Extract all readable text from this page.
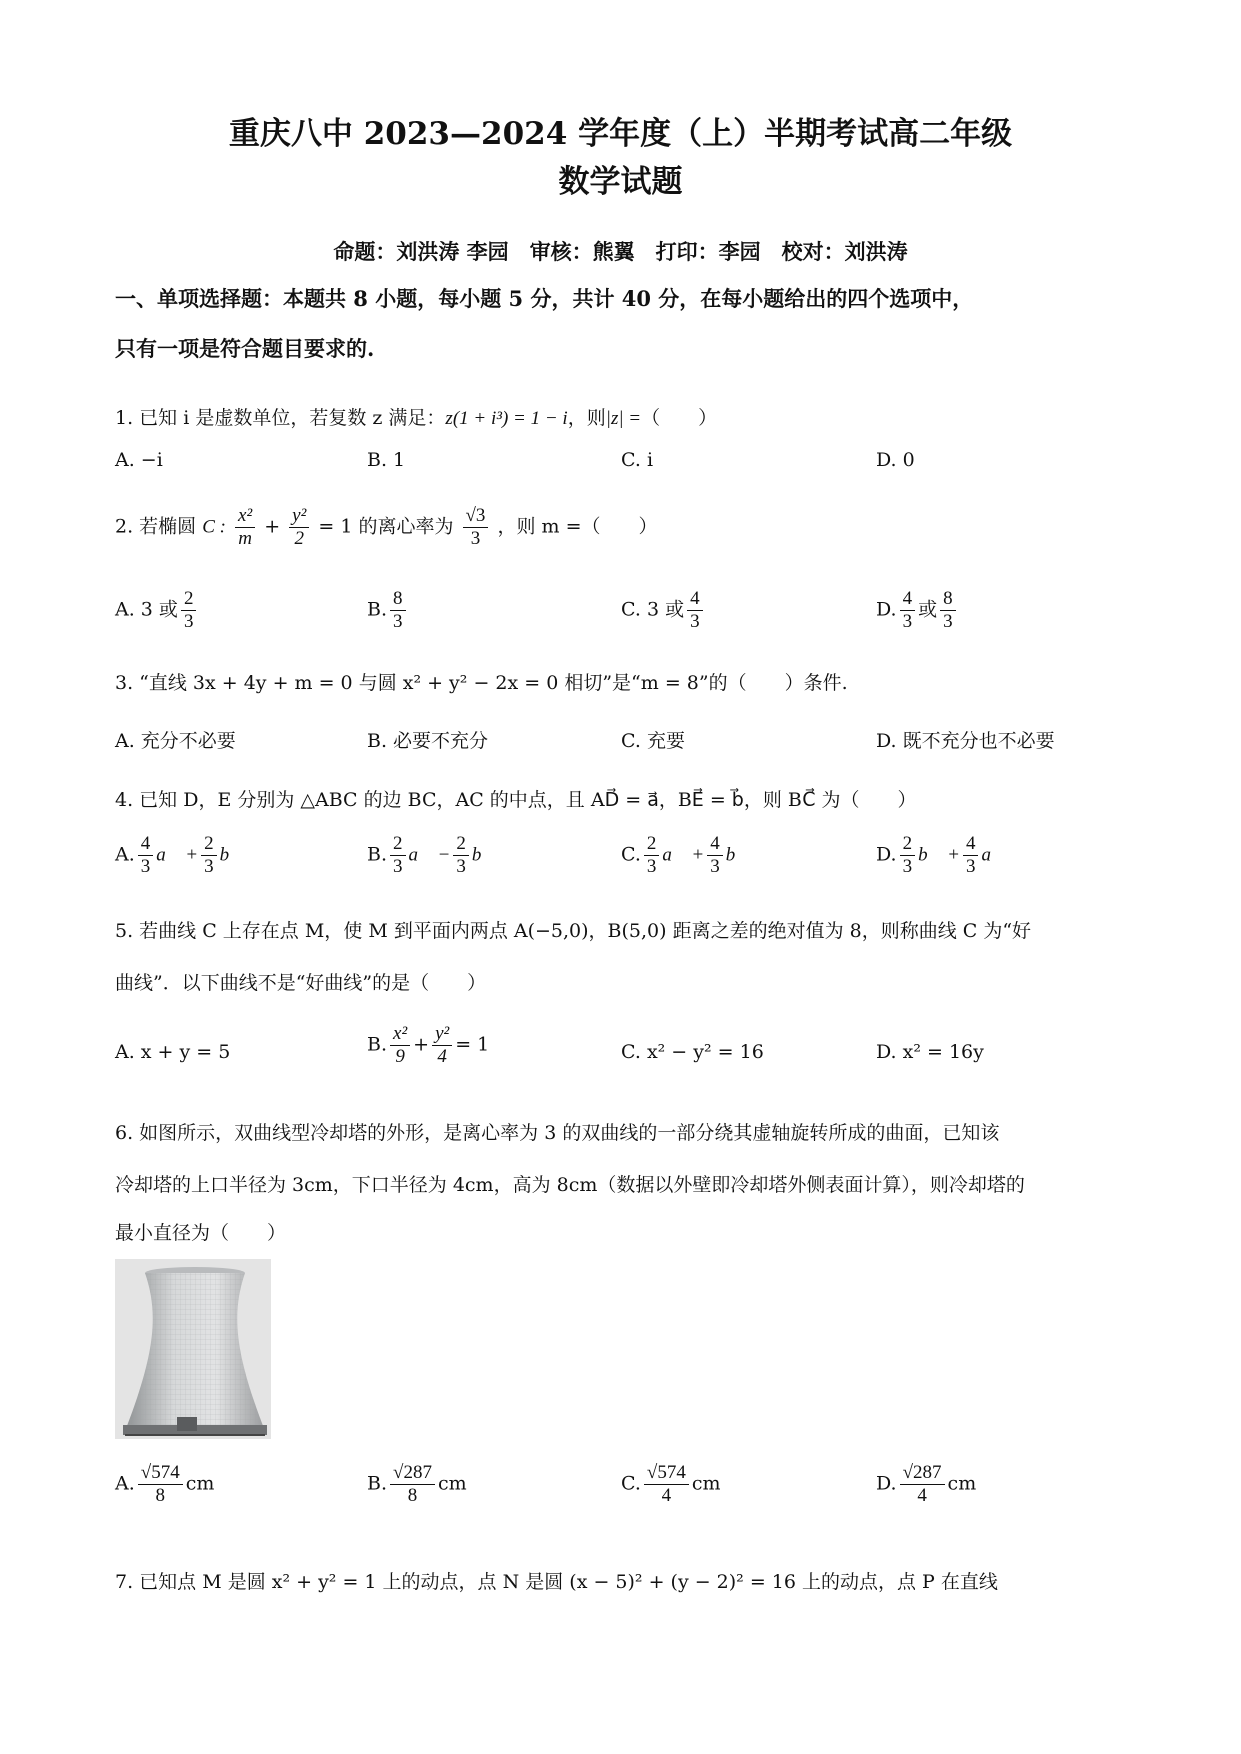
重庆八中 2023—2024 学年度（上）半期考试高二年级
数学试题
命题：刘洪涛 李园　审核：熊翼　打印：李园　校对：刘洪涛
一、单项选择题：本题共 8 小题，每小题 5 分，共计 40 分，在每小题给出的四个选项中，
只有一项是符合题目要求的.
1. 已知 i 是虚数单位，若复数 z 满足：z(1 + i³) = 1 − i，则|z| =（　　）
A. −i	B. 1	C. i	D. 0
2. 若椭圆 C : $\frac{\text{x²}}{m} + \frac{\text{y²}}{2} = 1$ 的离心率为 $\frac{√3}{3}$ ，则 m =（　　）
A. 3 或 $\frac{2}{3}$	B. $\frac{8}{3}$	C. 3 或 $\frac{4}{3}$	D. $\frac{4}{3}$ 或 $\frac{8}{3}$
3. “直线 3x + 4y + m = 0 与圆 x² + y² − 2x = 0 相切”是“m = 8”的（　　）条件.
A. 充分不必要	B. 必要不充分	C. 充要	D. 既不充分也不必要
4. 已知 D，E 分别为 △ABC 的边 BC，AC 的中点，且 AD⃗ = a⃗，BE⃗ = b⃗，则 BC⃗ 为（　　）
A. $\frac{4}{3}$ a⃗ + $\frac{2}{3}$ b⃗	B. $\frac{2}{3}$ a⃗ − $\frac{2}{3}$ b⃗	C. $\frac{2}{3}$ a⃗ + $\frac{4}{3}$ b⃗	D. $\frac{2}{3}$ b⃗ + $\frac{4}{3}$ a⃗
5. 若曲线 C 上存在点 M，使 M 到平面内两点 A(−5,0)，B(5,0) 距离之差的绝对值为 8，则称曲线 C 为“好
曲线”．以下曲线不是“好曲线”的是（　　）
A. x + y = 5	B. $\frac{\text{x²}}{9} + \frac{\text{y²}}{4} = 1$	C. x² − y² = 16	D. x² = 16y
6. 如图所示，双曲线型冷却塔的外形，是离心率为 3 的双曲线的一部分绕其虚轴旋转所成的曲面，已知该
冷却塔的上口半径为 3cm，下口半径为 4cm，高为 8cm（数据以外壁即冷却塔外侧表面计算），则冷却塔的
最小直径为（　　）
A. $\frac{√574}{8}$ cm	B. $\frac{√287}{8}$ cm	C. $\frac{√574}{4}$ cm	D. $\frac{√287}{4}$ cm
7. 已知点 M 是圆 x² + y² = 1 上的动点，点 N 是圆 (x − 5)² + (y − 2)² = 16 上的动点，点 P 在直线
